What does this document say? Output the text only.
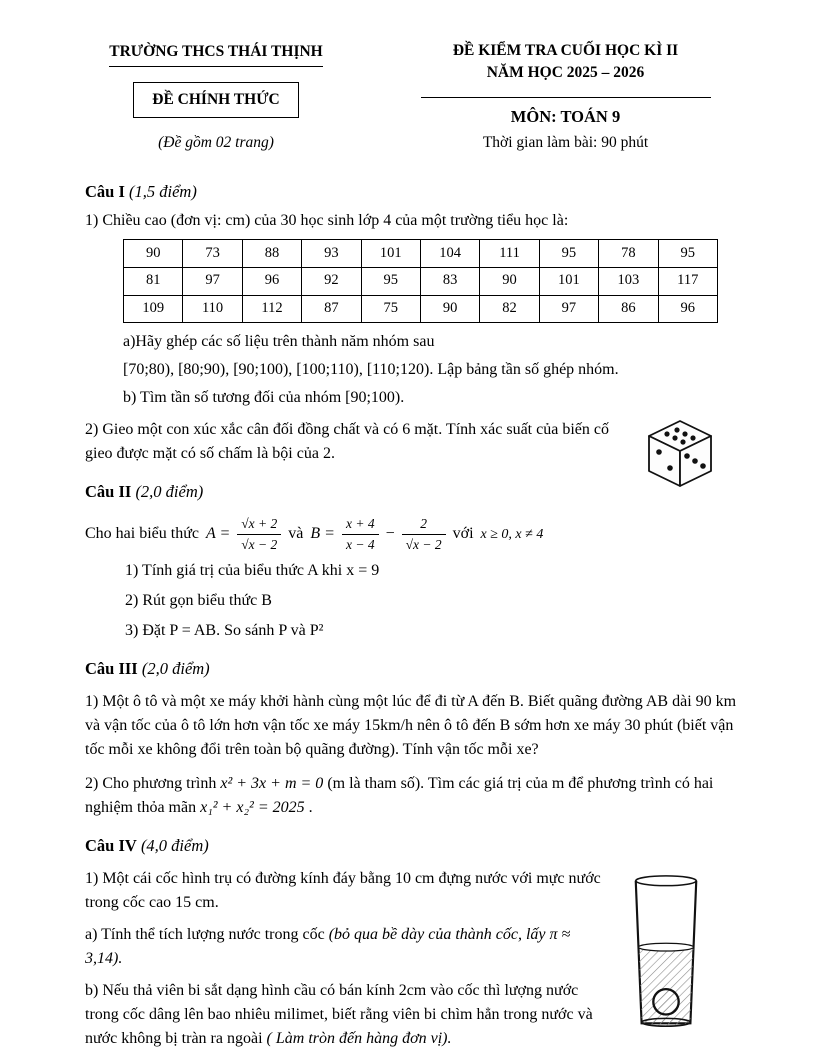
TRƯỜNG THCS THÁI THỊNH
ĐỀ CHÍNH THỨC
(Đề gồm 02 trang)
ĐỀ KIỂM TRA CUỐI HỌC KÌ II
NĂM HỌC 2025 – 2026
MÔN: TOÁN 9
Thời gian làm bài: 90 phút

Câu I (1,5 điểm)

1) Chiều cao (đơn vị: cm) của 30 học sinh lớp 4 của một trường tiểu học là:

90	73	88	93	101	104	111	95	78	95
81	97	96	92	95	83	90	101	103	117
109	110	112	87	75	90	82	97	86	96

a)Hãy ghép các số liệu trên thành năm nhóm sau

[70;80), [80;90), [90;100), [100;110), [110;120). Lập bảng tần số ghép nhóm.

b) Tìm tần số tương đối của nhóm [90;100).

2) Gieo một con xúc xắc cân đối đồng chất và có 6 mặt. Tính xác suất của biến cố gieo được mặt có số chấm là bội của 2.

Câu II (2,0 điểm)

Cho hai biểu thức $A = \frac{√x + 2}{√x - 2}$ và $B = \frac{x + 4}{x - 4} - \frac{2}{√x - 2}$ với x ≥ 0, x ≠ 4

1) Tính giá trị của biểu thức A khi x = 9

2) Rút gọn biểu thức B

3) Đặt P = AB. So sánh P và P²

Câu III (2,0 điểm)

1) Một ô tô và một xe máy khởi hành cùng một lúc để đi từ A đến B. Biết quãng đường AB dài 90 km và vận tốc của ô tô lớn hơn vận tốc xe máy 15km/h nên ô tô đến B sớm hơn xe máy 30 phút (biết vận tốc mỗi xe không đổi trên toàn bộ quãng đường). Tính vận tốc mỗi xe?

2) Cho phương trình x² + 3x + m = 0 (m là tham số). Tìm các giá trị của m để phương trình có hai nghiệm thỏa mãn x₁² + x₂² = 2025 .

Câu IV (4,0 điểm)

1) Một cái cốc hình trụ có đường kính đáy bằng 10 cm đựng nước với mực nước trong cốc cao 15 cm.

a) Tính thể tích lượng nước trong cốc (bỏ qua bề dày của thành cốc, lấy π ≈ 3,14).

b) Nếu thả viên bi sắt dạng hình cầu có bán kính 2cm vào cốc thì lượng nước trong cốc dâng lên bao nhiêu milimet, biết rằng viên bi chìm hẳn trong nước và nước không bị tràn ra ngoài ( Làm tròn đến hàng đơn vị).
